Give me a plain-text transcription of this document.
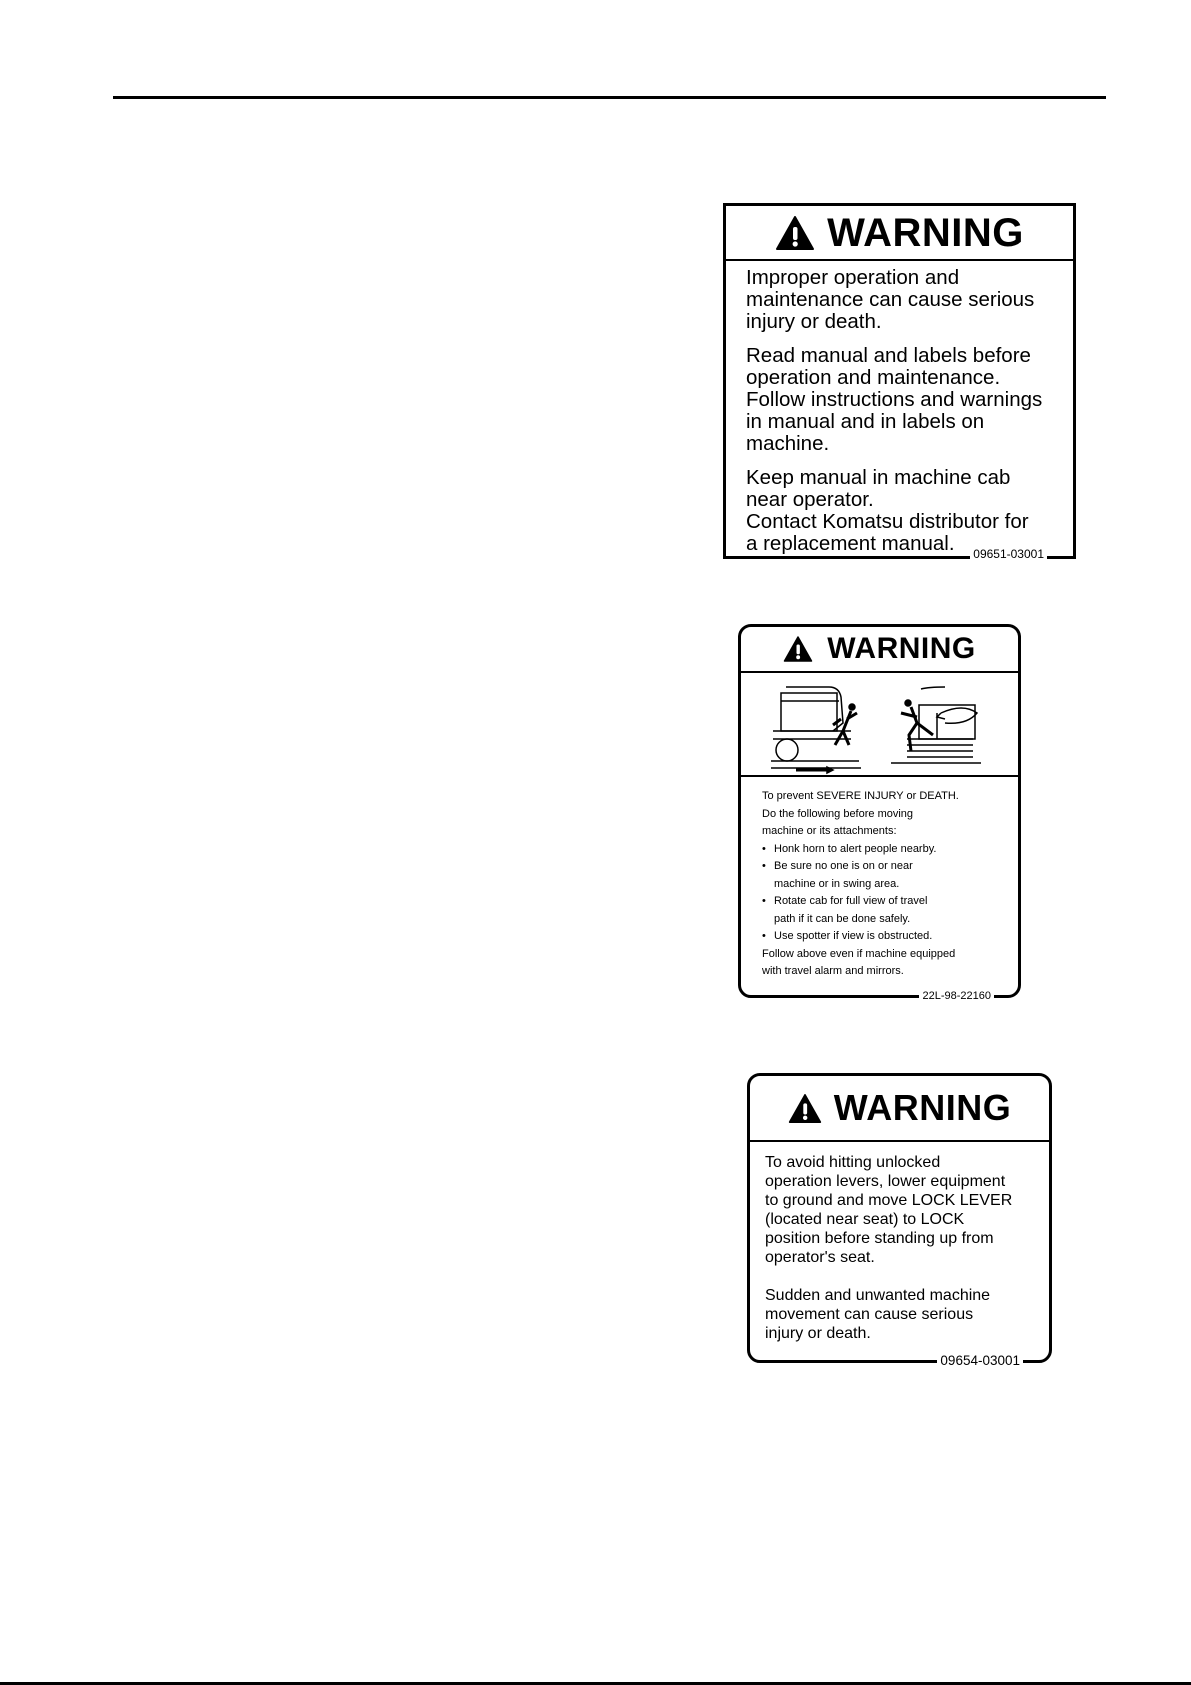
WARNING

Improper operation and
maintenance can cause serious
injury or death.

Read manual and labels before
operation and maintenance.
Follow instructions and warnings
in manual and in labels on
machine.

Keep manual in machine cab
near operator.
Contact Komatsu distributor for
a replacement manual.	09651-03001
WARNING

To prevent SEVERE INJURY or DEATH.
Do the following before moving
machine or its attachments:

• Honk horn to alert people nearby.
• Be sure no one is on or near
machine or in swing area.
• Rotate cab for full view of travel
path if it can be done safely.
• Use spotter if view is obstructed.

Follow above even if machine equipped
with travel alarm and mirrors.

22L-98-22160
WARNING

To avoid hitting unlocked
operation levers, lower equipment
to ground and move LOCK LEVER
(located near seat) to LOCK
position before standing up from
operator's seat.

Sudden and unwanted machine
movement can cause serious
injury or death.

09654-03001
